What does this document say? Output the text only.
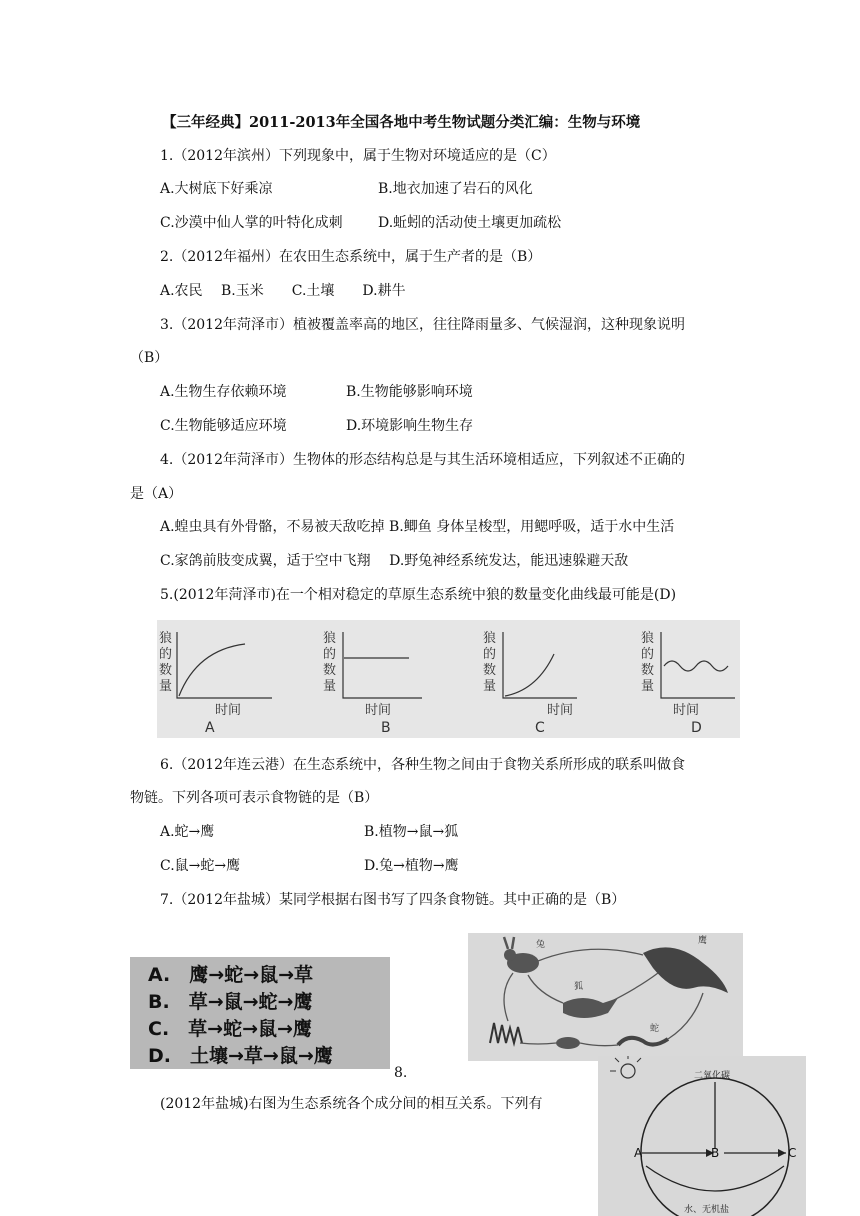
【三年经典】2011-2013年全国各地中考生物试题分类汇编：生物与环境
1.（2012年滨州）下列现象中，属于生物对环境适应的是（C）
A.大树底下好乘凉	B.地衣加速了岩石的风化
C.沙漠中仙人掌的叶特化成刺	D.蚯蚓的活动使土壤更加疏松
2.（2012年福州）在农田生态系统中，属于生产者的是（B）
A.农民　 B.玉米　　C.土壤　　D.耕牛
3.（2012年菏泽市）植被覆盖率高的地区，往往降雨量多、气候湿润，这种现象说明
（B）
A.生物生存依赖环境	B.生物能够影响环境
C.生物能够适应环境	D.环境影响生物生存
4.（2012年菏泽市）生物体的形态结构总是与其生活环境相适应，下列叙述不正确的
是（A）
A.蝗虫具有外骨骼，不易被天敌吃掉 B.鲫鱼 身体呈梭型，用鳃呼吸，适于水中生活
C.家鸽前肢变成翼，适于空中飞翔　 D.野兔神经系统发达，能迅速躲避天敌
5.(2012年菏泽市)在一个相对稳定的草原生态系统中狼的数量变化曲线最可能是(D)
狼
的
数
量
时间
A
狼
的
数
量
时间
B
狼
的
数
量
时间
C
狼
的
数
量
时间
D
6.（2012年连云港）在生态系统中，各种生物之间由于食物关系所形成的联系叫做食
物链。下列各项可表示食物链的是（B）
A.蛇→鹰	B.植物→鼠→狐
C.鼠→蛇→鹰	D.兔→植物→鹰
7.（2012年盐城）某同学根据右图书写了四条食物链。其中正确的是（B）
A.　鹰→蛇→鼠→草
B.　草→鼠→蛇→鹰
C.　草→蛇→鼠→鹰
D.　土壤→草→鼠→鹰
兔	鹰
狐
蛇
8.
(2012年盐城)右图为生态系统各个成分间的相互关系。下列有
二氧化碳
A	B	C
水、无机盐
